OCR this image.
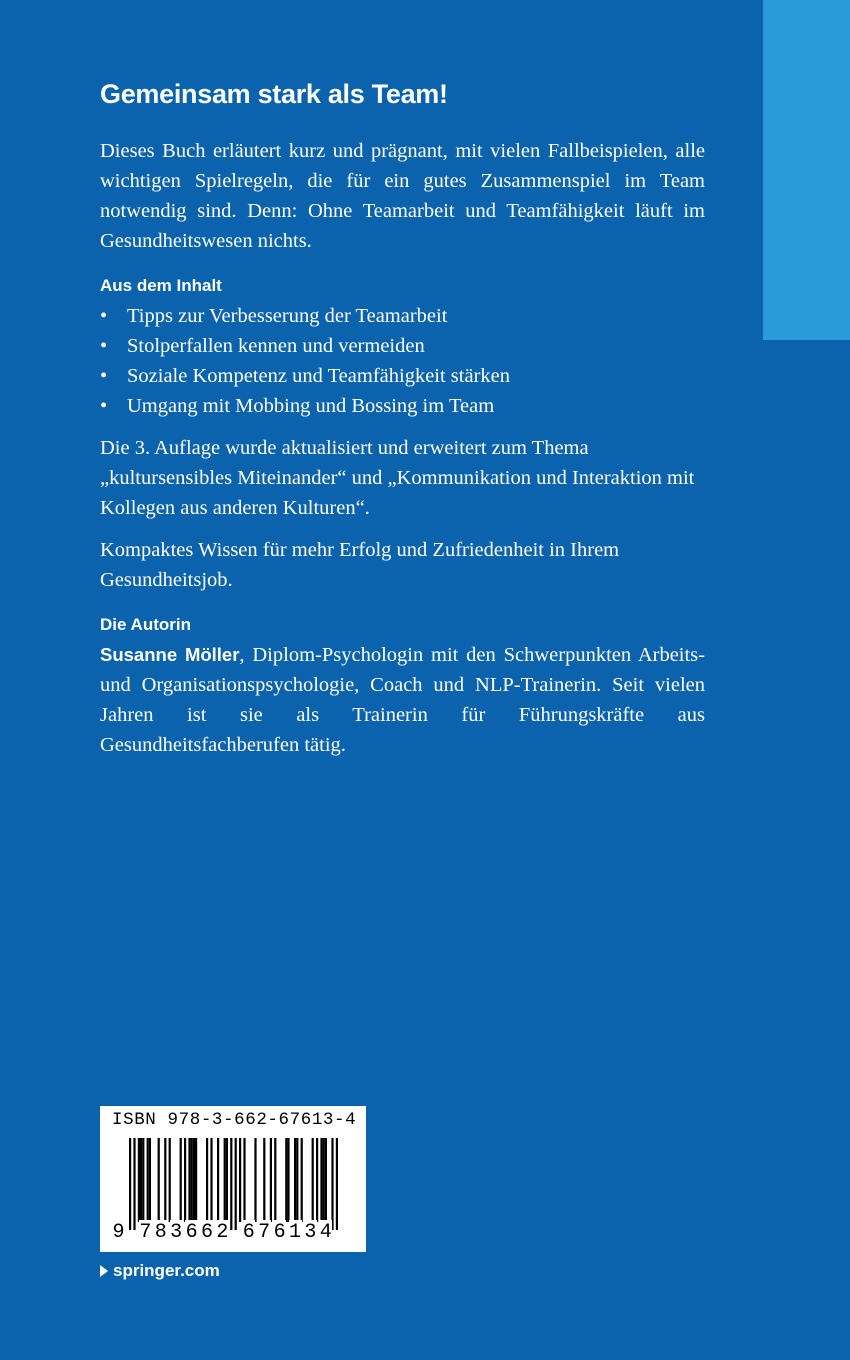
Gemeinsam stark als Team!

Dieses Buch erläutert kurz und prägnant, mit vielen Fallbeispielen, alle wichtigen Spielregeln, die für ein gutes Zusammenspiel im Team notwendig sind. Denn: Ohne Teamarbeit und Teamfähigkeit läuft im Gesundheitswesen nichts.

Aus dem Inhalt
• Tipps zur Verbesserung der Teamarbeit
• Stolperfallen kennen und vermeiden
• Soziale Kompetenz und Teamfähigkeit stärken
• Umgang mit Mobbing und Bossing im Team

Die 3. Auflage wurde aktualisiert und erweitert zum Thema „kultursensibles Miteinander“ und „Kommunikation und Interaktion mit Kollegen aus anderen Kulturen“.

Kompaktes Wissen für mehr Erfolg und Zufriedenheit in Ihrem Gesundheitsjob.

Die Autorin

Susanne Möller, Diplom-Psychologin mit den Schwerpunkten Arbeits- und Organisationspsychologie, Coach und NLP-Trainerin. Seit vielen Jahren ist sie als Trainerin für Führungskräfte aus Gesundheitsfachberufen tätig.

ISBN 978-3-662-67613-4
9 7 8 3 6 6 2 6 7 6 1 3 4
springer.com
